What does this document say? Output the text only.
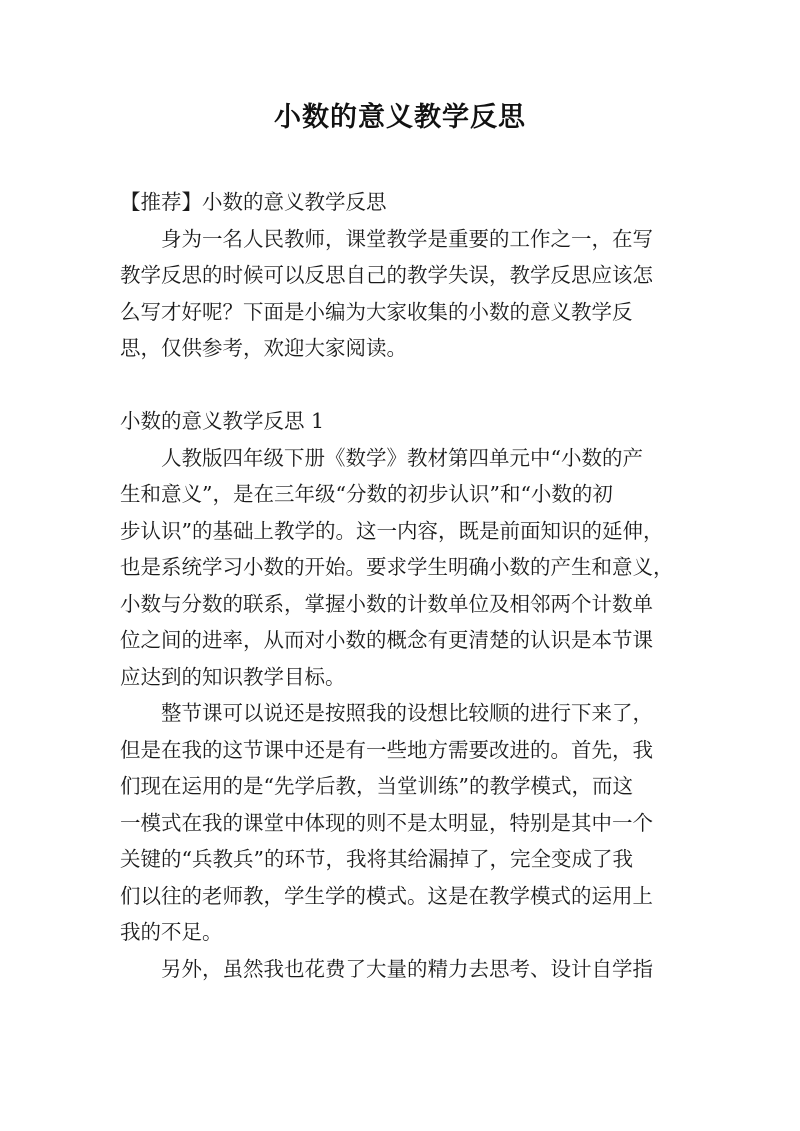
小数的意义教学反思
【推荐】小数的意义教学反思
身为一名人民教师，课堂教学是重要的工作之一，在写
教学反思的时候可以反思自己的教学失误，教学反思应该怎
么写才好呢？下面是小编为大家收集的小数的意义教学反
思，仅供参考，欢迎大家阅读。
小数的意义教学反思 1
人教版四年级下册《数学》教材第四单元中“小数的产
生和意义”，是在三年级“分数的初步认识”和“小数的初
步认识”的基础上教学的。这一内容，既是前面知识的延伸，
也是系统学习小数的开始。要求学生明确小数的产生和意义，
小数与分数的联系，掌握小数的计数单位及相邻两个计数单
位之间的进率，从而对小数的概念有更清楚的认识是本节课
应达到的知识教学目标。
整节课可以说还是按照我的设想比较顺的进行下来了，
但是在我的这节课中还是有一些地方需要改进的。首先，我
们现在运用的是“先学后教，当堂训练”的教学模式，而这
一模式在我的课堂中体现的则不是太明显，特别是其中一个
关键的“兵教兵”的环节，我将其给漏掉了，完全变成了我
们以往的老师教，学生学的模式。这是在教学模式的运用上
我的不足。
另外，虽然我也花费了大量的精力去思考、设计自学指
